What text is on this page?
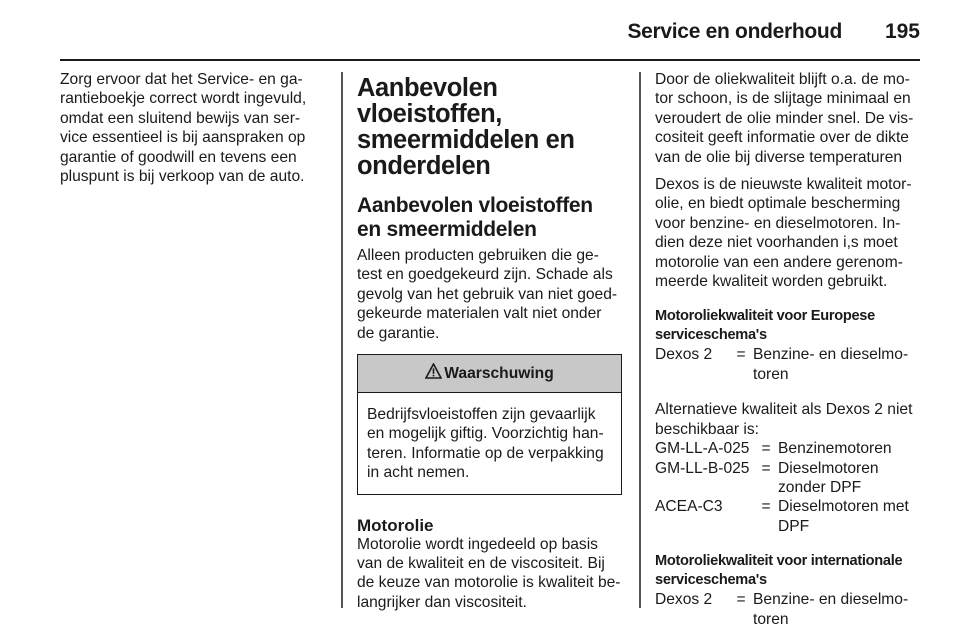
Service en onderhoud 195

Zorg ervoor dat het Service- en ga-
rantieboekje correct wordt ingevuld,
omdat een sluitend bewijs van ser-
vice essentieel is bij aanspraken op
garantie of goodwill en tevens een
pluspunt is bij verkoop van de auto.

Aanbevolen
vloeistoffen,
smeermiddelen en
onderdelen
Aanbevolen vloeistoffen
en smeermiddelen

Alleen producten gebruiken die ge-
test en goedgekeurd zijn. Schade als
gevolg van het gebruik van niet goed-
gekeurde materialen valt niet onder
de garantie.

Waarschuwing
Bedrijfsvloeistoffen zijn gevaarlijk
en mogelijk giftig. Voorzichtig han-
teren. Informatie op de verpakking
in acht nemen.
Motorolie

Motorolie wordt ingedeeld op basis
van de kwaliteit en de viscositeit. Bij
de keuze van motorolie is kwaliteit be-
langrijker dan viscositeit.

Door de oliekwaliteit blijft o.a. de mo-
tor schoon, is de slijtage minimaal en
veroudert de olie minder snel. De vis-
cositeit geeft informatie over de dikte
van de olie bij diverse temperaturen

Dexos is de nieuwste kwaliteit motor-
olie, en biedt optimale bescherming
voor benzine- en dieselmotoren. In-
dien deze niet voorhanden i,s moet
motorolie van een andere gerenom-
meerde kwaliteit worden gebruikt.

Motoroliekwaliteit voor Europese
serviceschema's
Dexos 2	= Benzine- en dieselmo-
toren

Alternatieve kwaliteit als Dexos 2 niet
beschikbaar is:

GM-LL-A-025 = Benzinemotoren
GM-LL-B-025 = Dieselmotoren
zonder DPF
ACEA-C3	= Dieselmotoren met
DPF
Motoroliekwaliteit voor internationale
serviceschema's
Dexos 2	= Benzine- en dieselmo-
toren
